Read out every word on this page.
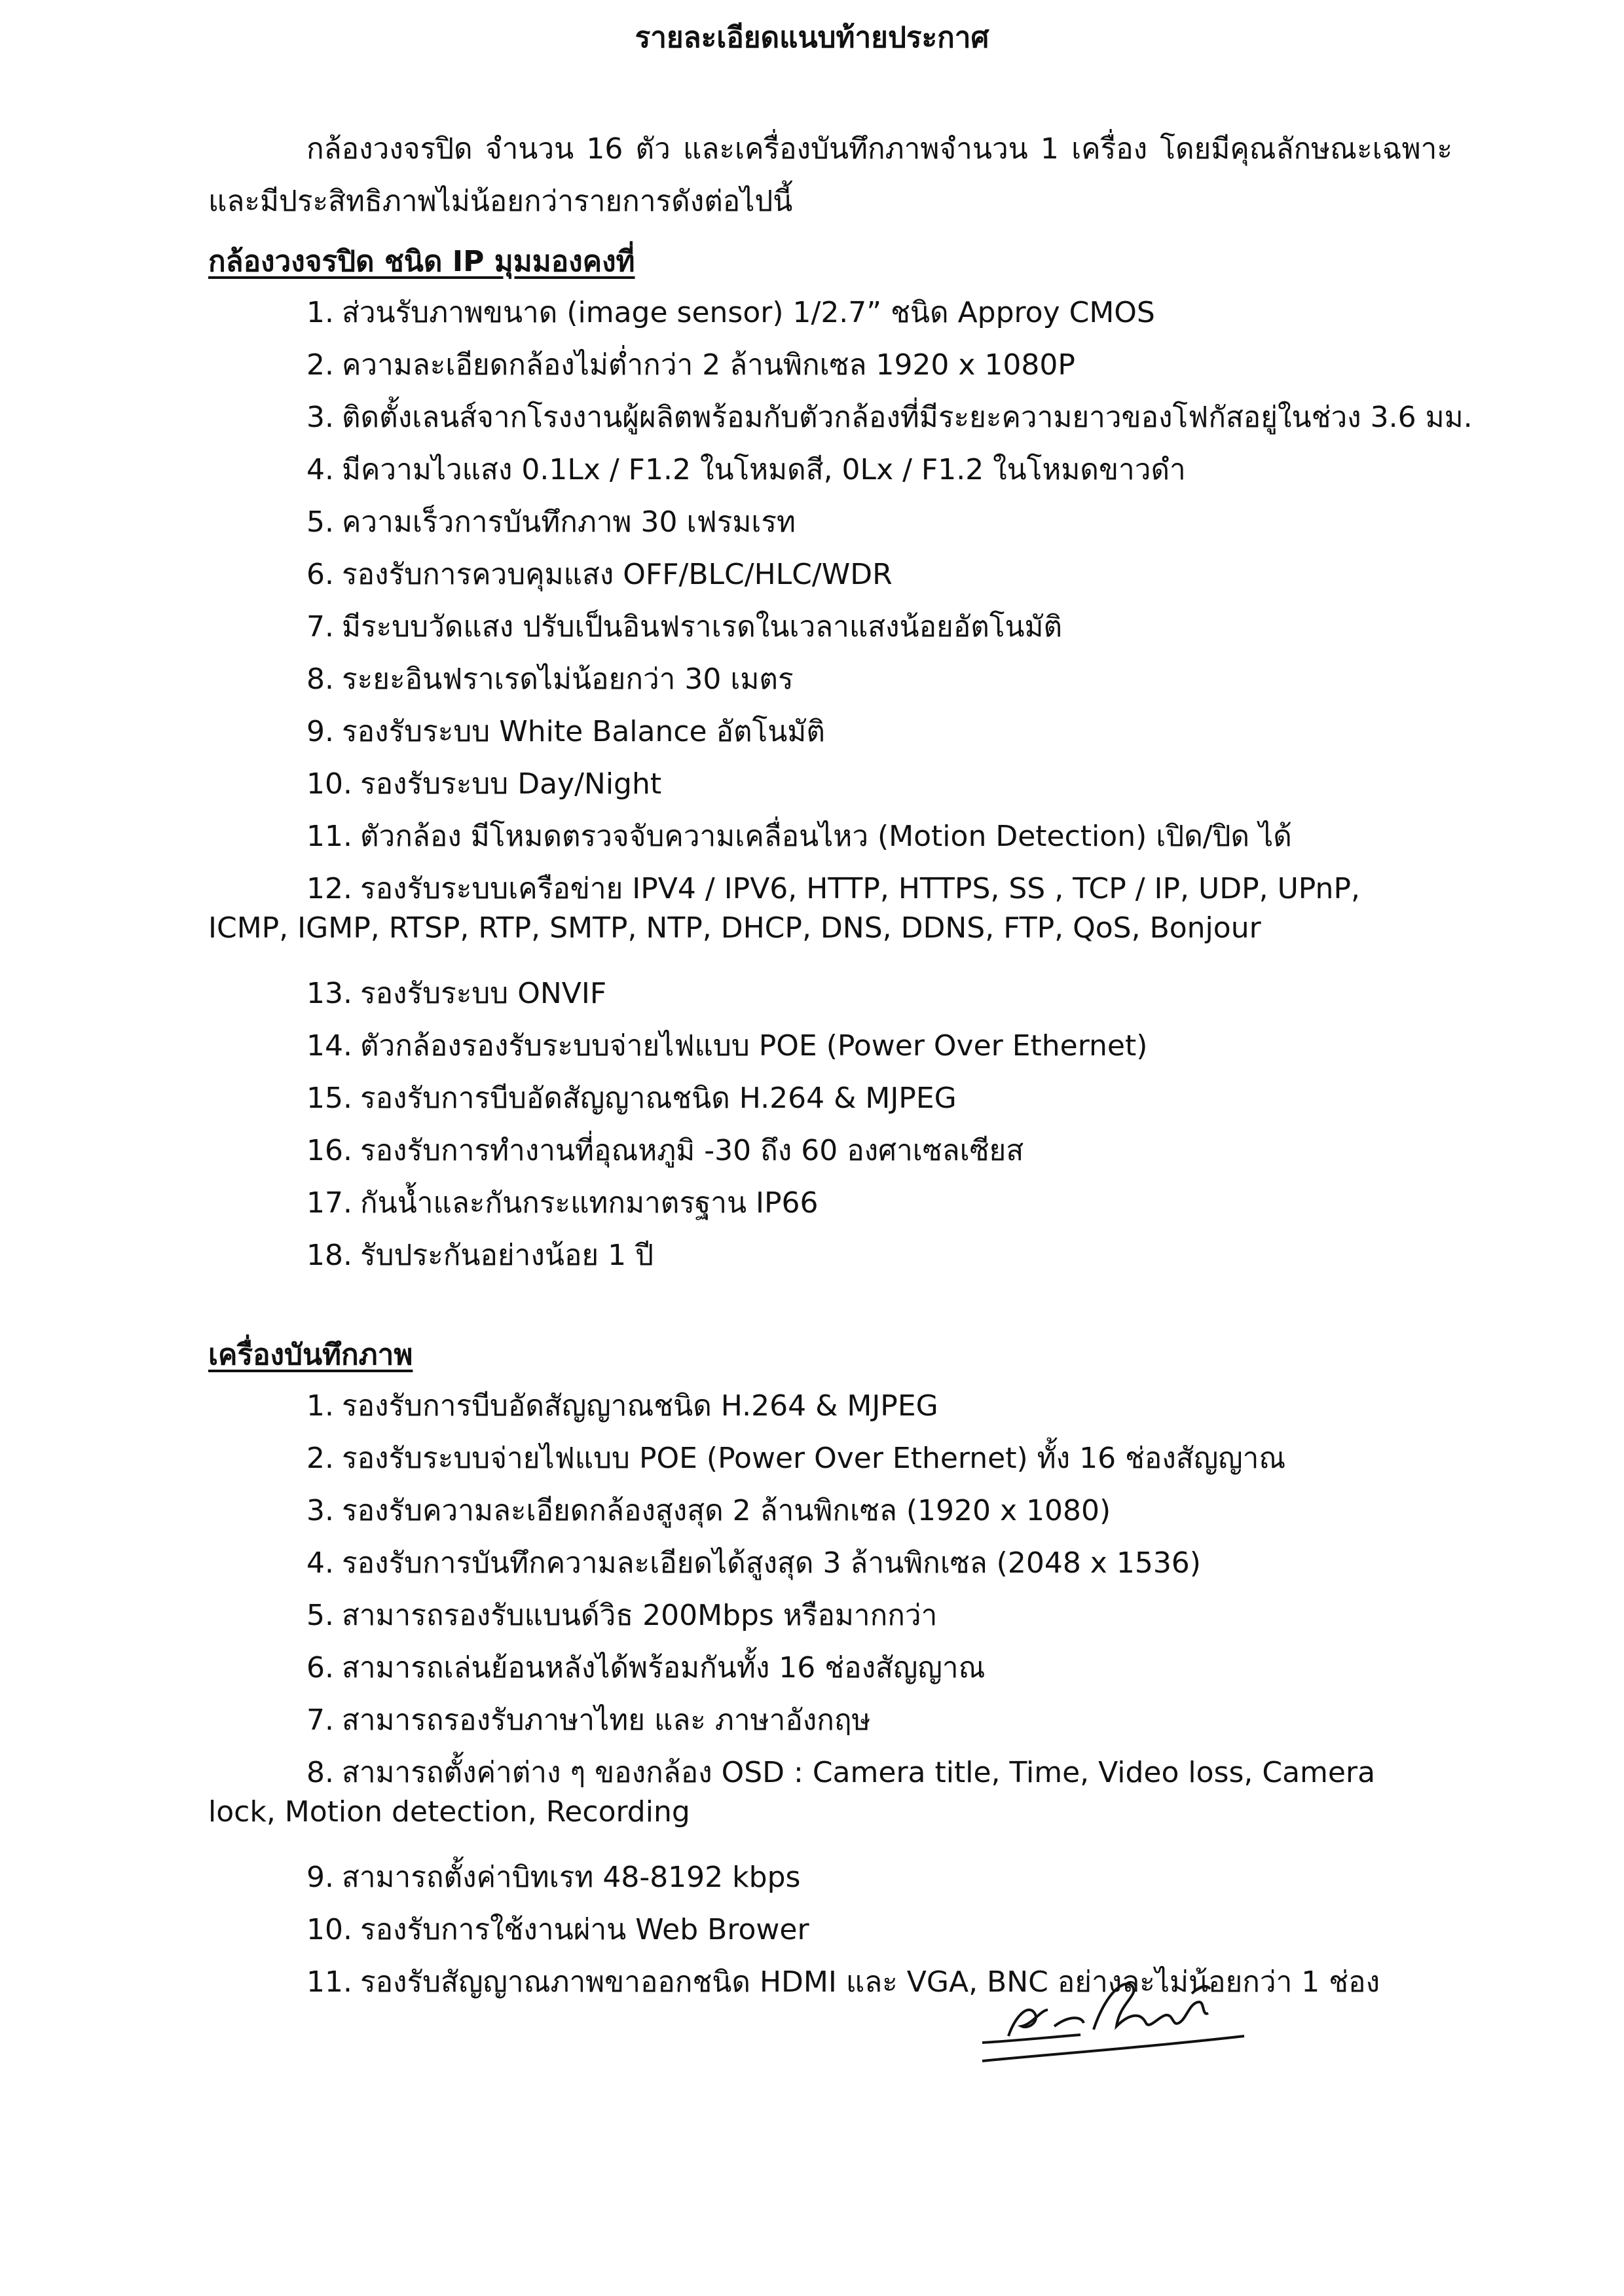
รายละเอียดแนบท้ายประกาศ
กล้องวงจรปิด จำนวน 16 ตัว และเครื่องบันทึกภาพจำนวน 1 เครื่อง โดยมีคุณลักษณะเฉพาะและมีประสิทธิภาพไม่น้อยกว่ารายการดังต่อไปนี้
กล้องวงจรปิด ชนิด IP มุมมองคงที่
1. ส่วนรับภาพขนาด (image sensor) 1/2.7” ชนิด Approy CMOS
2. ความละเอียดกล้องไม่ต่ำกว่า 2 ล้านพิกเซล 1920 x 1080P
3. ติดตั้งเลนส์จากโรงงานผู้ผลิตพร้อมกับตัวกล้องที่มีระยะความยาวของโฟกัสอยู่ในช่วง 3.6 มม.
4. มีความไวแสง 0.1Lx / F1.2 ในโหมดสี, 0Lx / F1.2 ในโหมดขาวดำ
5. ความเร็วการบันทึกภาพ 30 เฟรมเรท
6. รองรับการควบคุมแสง OFF/BLC/HLC/WDR
7. มีระบบวัดแสง ปรับเป็นอินฟราเรดในเวลาแสงน้อยอัตโนมัติ
8. ระยะอินฟราเรดไม่น้อยกว่า 30 เมตร
9. รองรับระบบ White Balance อัตโนมัติ
10. รองรับระบบ Day/Night
11. ตัวกล้อง มีโหมดตรวจจับความเคลื่อนไหว (Motion Detection) เปิด/ปิด ได้
12. รองรับระบบเครือข่าย IPV4 / IPV6, HTTP, HTTPS, SS , TCP / IP, UDP, UPnP, ICMP, IGMP, RTSP, RTP, SMTP, NTP, DHCP, DNS, DDNS, FTP, QoS, Bonjour
13. รองรับระบบ ONVIF
14. ตัวกล้องรองรับระบบจ่ายไฟแบบ POE (Power Over Ethernet)
15. รองรับการบีบอัดสัญญาณชนิด H.264 & MJPEG
16. รองรับการทำงานที่อุณหภูมิ -30 ถึง 60 องศาเซลเซียส
17. กันน้ำและกันกระแทกมาตรฐาน IP66
18. รับประกันอย่างน้อย 1 ปี
เครื่องบันทึกภาพ
1. รองรับการบีบอัดสัญญาณชนิด H.264 & MJPEG
2. รองรับระบบจ่ายไฟแบบ POE (Power Over Ethernet) ทั้ง 16 ช่องสัญญาณ
3. รองรับความละเอียดกล้องสูงสุด 2 ล้านพิกเซล (1920 x 1080)
4. รองรับการบันทึกความละเอียดได้สูงสุด 3 ล้านพิกเซล (2048 x 1536)
5. สามารถรองรับแบนด์วิธ 200Mbps หรือมากกว่า
6. สามารถเล่นย้อนหลังได้พร้อมกันทั้ง 16 ช่องสัญญาณ
7. สามารถรองรับภาษาไทย และ ภาษาอังกฤษ
8. สามารถตั้งค่าต่าง ๆ ของกล้อง OSD : Camera title, Time, Video loss, Camera lock, Motion detection, Recording
9. สามารถตั้งค่าบิทเรท 48-8192 kbps
10. รองรับการใช้งานผ่าน Web Brower
11. รองรับสัญญาณภาพขาออกชนิด HDMI และ VGA, BNC อย่างละไม่น้อยกว่า 1 ช่อง
